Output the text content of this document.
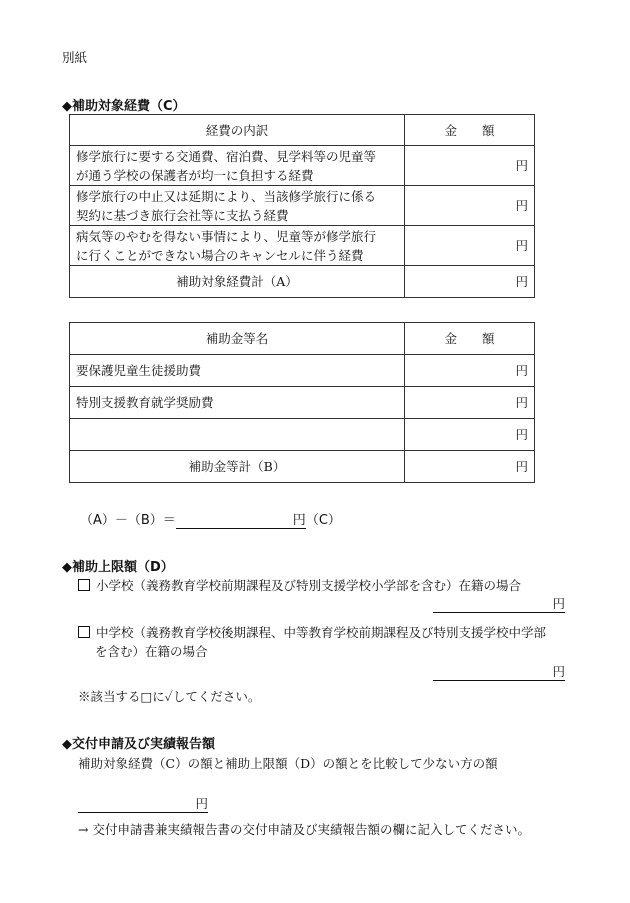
別紙
◆補助対象経費（C）
経費の内訳	金　　額

修学旅行に要する交通費、宿泊費、見学料等の児童等
が通う学校の保護者が均一に負担する経費	円

修学旅行の中止又は延期により、当該修学旅行に係る
契約に基づき旅行会社等に支払う経費	円

病気等のやむを得ない事情により、児童等が修学旅行
に行くことができない場合のキャンセルに伴う経費	円
補助対象経費計（A）	円
補助金等名	金　　額
要保護児童生徒援助費	円
特別支援教育就学奨励費	円
	円
補助金等計（B）	円
（A）－（B）＝	円（C）
◆補助上限額（D）
小学校（義務教育学校前期課程及び特別支援学校小学部を含む）在籍の場合
円
中学校（義務教育学校後期課程、中等教育学校前期課程及び特別支援学校中学部
を含む）在籍の場合
円
※該当する□に✓してください。
◆交付申請及び実績報告額
補助対象経費（C）の額と補助上限額（D）の額とを比較して少ない方の額
円
→ 交付申請書兼実績報告書の交付申請及び実績報告額の欄に記入してください。
